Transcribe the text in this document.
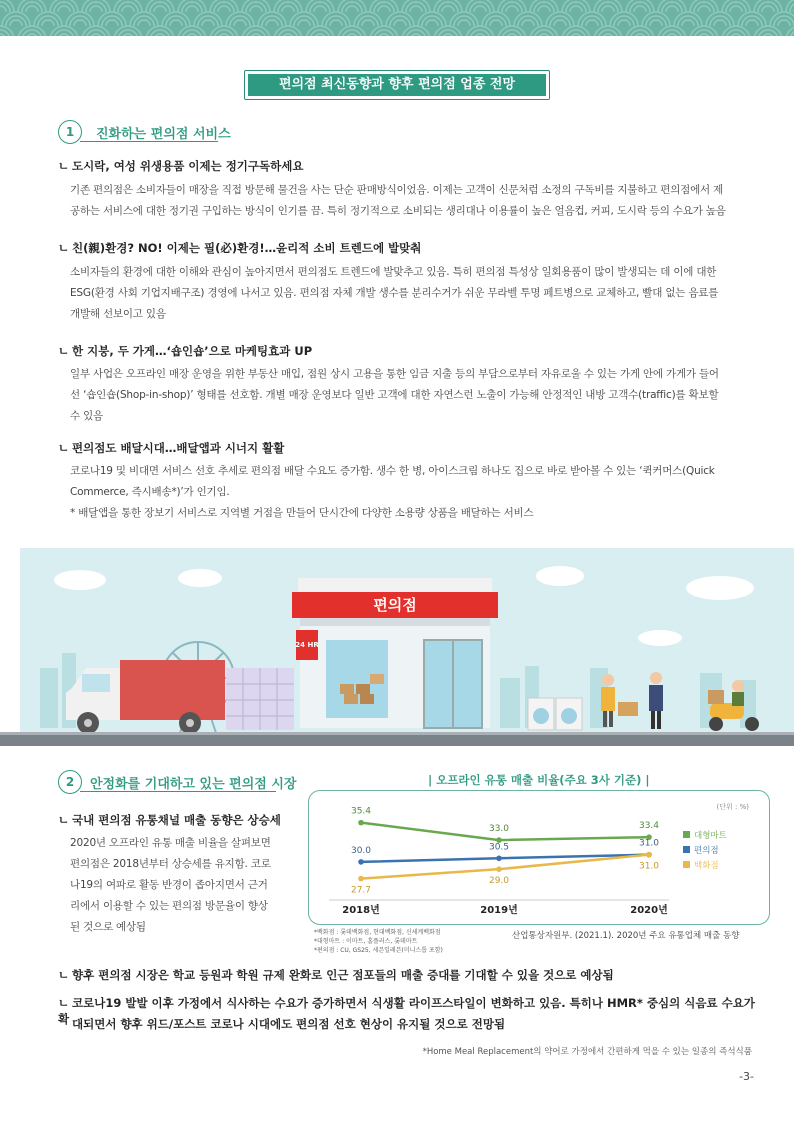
편의점 최신동향과 향후 편의점 업종 전망
1	진화하는 편의점 서비스
ㄴ 도시락, 여성 위생용품 이제는 정기구독하세요
기존 편의점은 소비자들이 매장을 직접 방문해 물건을 사는 단순 판매방식이었음. 이제는 고객이 신문처럼 소정의 구독비를 지불하고 편의점에서 제
공하는 서비스에 대한 정기권 구입하는 방식이 인기를 끔. 특히 정기적으로 소비되는 생리대나 이용률이 높은 얼음컵, 커피, 도시락 등의 수요가 높음
ㄴ 친(親)환경? NO! 이제는 필(必)환경!…윤리적 소비 트렌드에 발맞춰
소비자들의 환경에 대한 이해와 관심이 높아지면서 편의점도 트렌드에 발맞추고 있음. 특히 편의점 특성상 일회용품이 많이 발생되는 데 이에 대한
ESG(환경 사회 기업지배구조) 경영에 나서고 있음. 편의점 자체 개발 생수를 분리수거가 쉬운 무라벨 투명 페트병으로 교체하고, 빨대 없는 음료를
개발해 선보이고 있음
ㄴ 한 지붕, 두 가게…‘숍인숍’으로 마케팅효과 UP
일부 사업은 오프라인 매장 운영을 위한 부동산 매입, 점원 상시 고용을 통한 임금 지출 등의 부담으로부터 자유로울 수 있는 가게 안에 가게가 들어
선 ‘숍인숍(Shop-in-shop)’ 형태를 선호함. 개별 매장 운영보다 일반 고객에 대한 자연스런 노출이 가능해 안정적인 내방 고객수(traffic)를 확보할
수 있음
ㄴ 편의점도 배달시대…배달앱과 시너지 활활
코로나19 및 비대면 서비스 선호 추세로 편의점 배달 수요도 증가함. 생수 한 병, 아이스크림 하나도 집으로 바로 받아볼 수 있는 ‘퀵커머스(Quick
Commerce, 즉시배송*)’가 인기임.
* 배달앱을 통한 장보기 서비스로 지역별 거점을 만들어 단시간에 다양한 소용량 상품을 배달하는 서비스
편의점
24 HR
2	안정화를 기대하고 있는 편의점 시장
ㄴ 국내 편의점 유통채널 매출 동향은 상승세
2020년 오프라인 유통 매출 비율을 살펴보면
편의점은 2018년부터 상승세를 유지함. 코로
나19의 여파로 활동 반경이 좁아지면서 근거
리에서 이용할 수 있는 편의점 방문율이 향상
된 것으로 예상됨
| 오프라인 유통 매출 비율(주요 3사 기준) |
(단위 : %)
35.4
33.0	33.4
대형마트
30.0	30.5	31.0
편의점
27.7
29.0
31.0	백화점
2018년	2019년	2020년
*백화점 : 롯데백화점, 현대백화점, 신세계백화점
*대형마트 : 이마트, 홈플러스, 롯데마트
*편의점 : CU, GS25, 세븐일레븐(미니스톱 포함)
산업통상자원부. (2021.1). 2020년 주요 유통업체 매출 동향
ㄴ 향후 편의점 시장은 학교 등원과 학원 규제 완화로 인근 점포들의 매출 증대를 기대할 수 있을 것으로 예상됨
ㄴ 코로나19 발발 이후 가정에서 식사하는 수요가 증가하면서 식생활 라이프스타일이 변화하고 있음. 특히나 HMR* 중심의 식음료 수요가 확 대되면서 향후 위드/포스트 코로나 시대에도 편의점 선호 현상이 유지될 것으로 전망됨
*Home Meal Replacement의 약어로 가정에서 간편하게 먹을 수 있는 일종의 즉석식품
-3-
